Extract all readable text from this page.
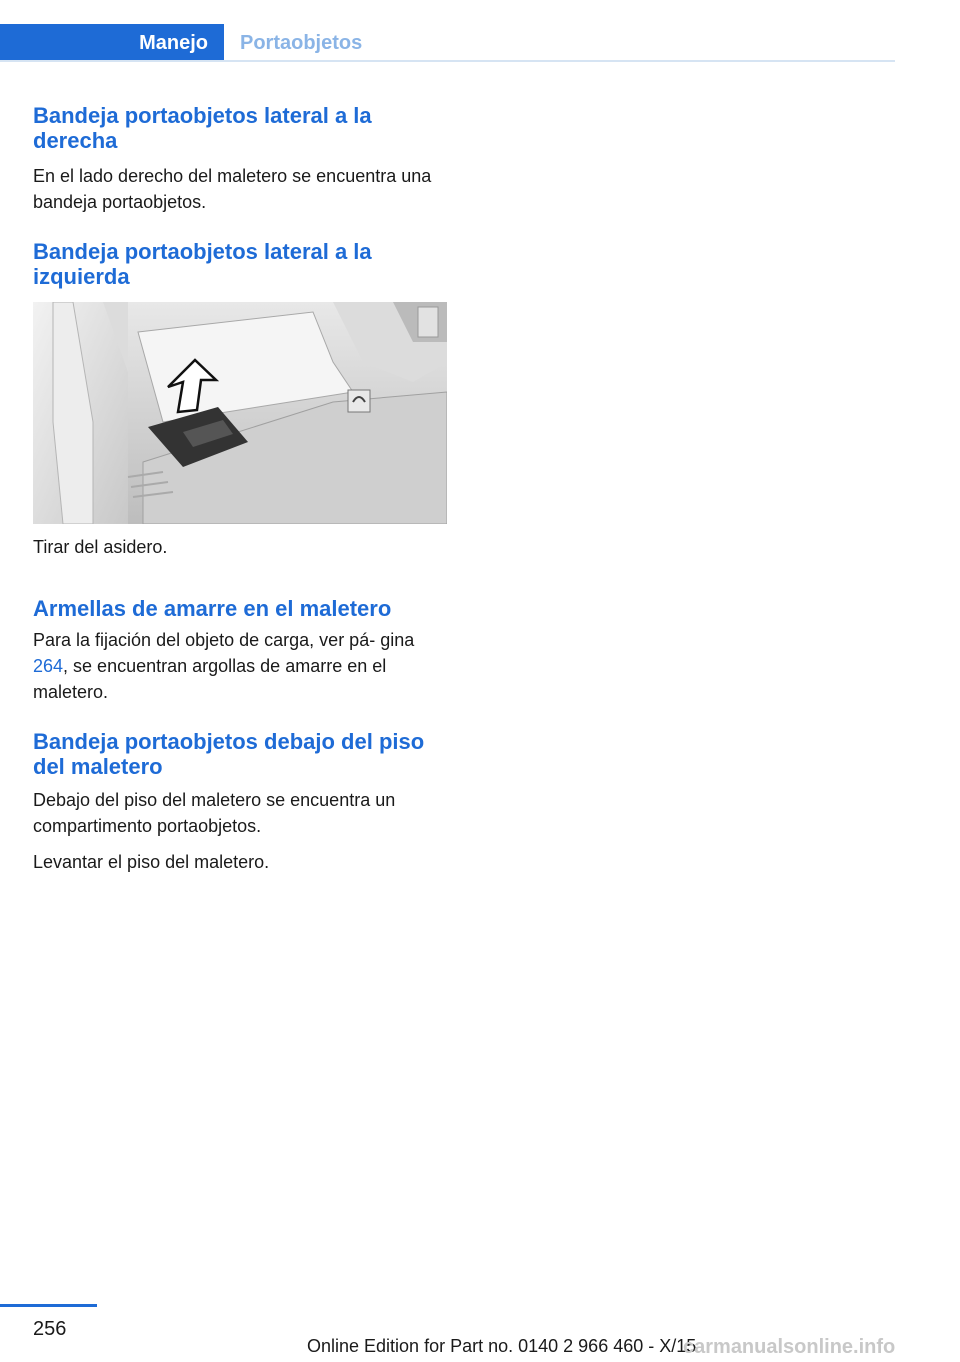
Manejo Portaobjetos
Bandeja portaobjetos lateral a la derecha

En el lado derecho del maletero se encuentra una bandeja portaobjetos.

Bandeja portaobjetos lateral a la izquierda

Tirar del asidero.

Armellas de amarre en el maletero

Para la fijación del objeto de carga, ver pá‐ gina 264, se encuentran argollas de amarre en el maletero.

Bandeja portaobjetos debajo del piso del maletero

Debajo del piso del maletero se encuentra un compartimento portaobjetos.

Levantar el piso del maletero.

256
Online Edition for Part no. 0140 2 966 460 - X/15
carmanualsonline.info
